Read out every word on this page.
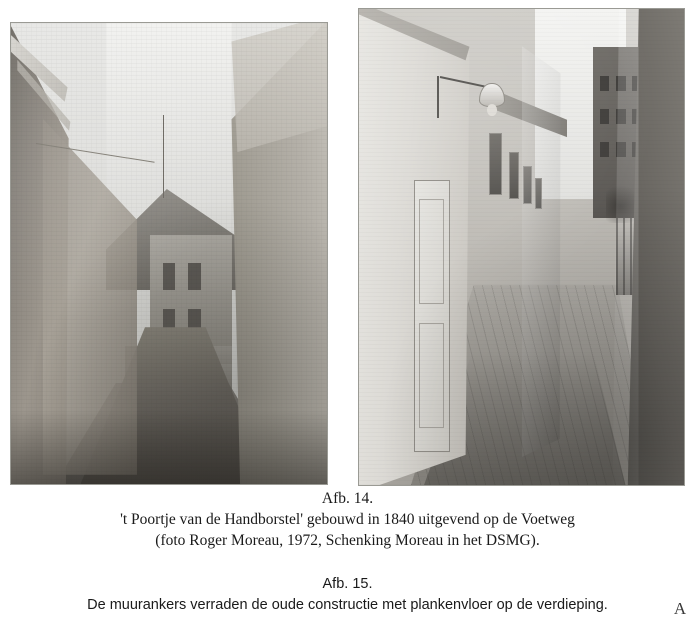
Afb. 14.

't Poortje van de Handborstel' gebouwd in 1840 uitgevend op de Voetweg

(foto Roger Moreau, 1972, Schenking Moreau in het DSMG).

Afb. 15.

De muurankers verraden de oude constructie met plankenvloer op de verdieping.	A
